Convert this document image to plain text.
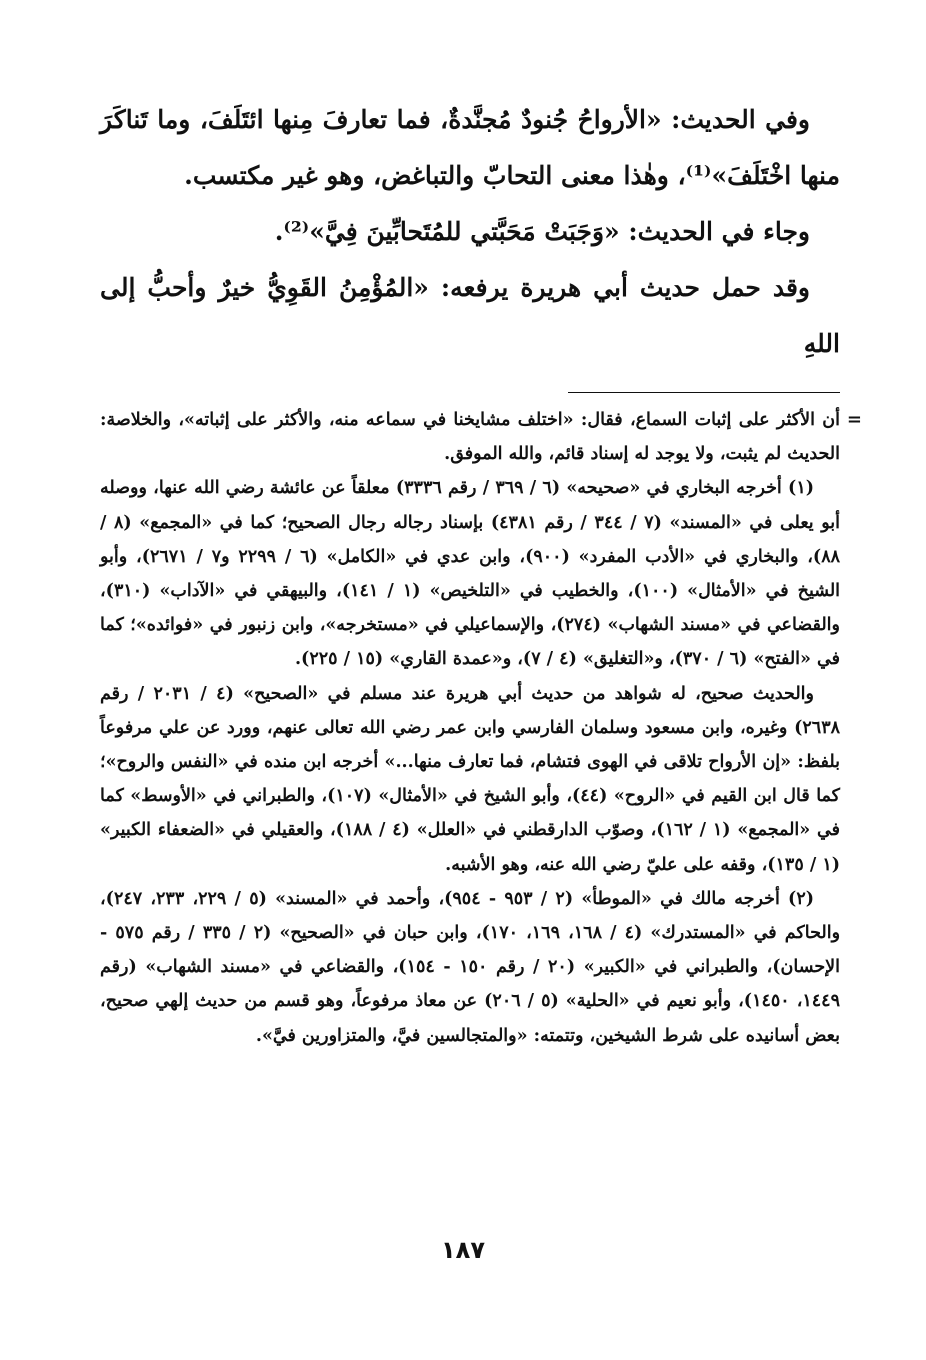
وفي الحديث: «الأرواحُ جُنودٌ مُجنَّدةٌ، فما تعارفَ مِنها ائتَلَفَ، وما تَناكَرَ منها اخْتَلَفَ»⁽¹⁾، وهٰذا معنى التحابّ والتباغض، وهو غير مكتسب.

وجاء في الحديث: «وَجَبَتْ مَحَبَّتي للمُتَحابِّينَ فِيَّ»⁽²⁾.

وقد حمل حديث أبي هريرة يرفعه: «المُؤْمِنُ القَوِيُّ خيرٌ وأحبُّ إلى اللهِ

=
أن الأكثر على إثبات السماع، فقال: «اختلف مشايخنا في سماعه منه، والأكثر على إثباته»، والخلاصة: الحديث لم يثبت، ولا يوجد له إسناد قائم، والله الموفق.

(١) أخرجه البخاري في «صحيحه» (٦ / ٣٦٩ / رقم ٣٣٣٦) معلقاً عن عائشة رضي الله عنها، ووصله أبو يعلى في «المسند» (٧ / ٣٤٤ / رقم ٤٣٨١) بإسناد رجاله رجال الصحيح؛ كما في «المجمع» (٨ / ٨٨)، والبخاري في «الأدب المفرد» (٩٠٠)، وابن عدي في «الكامل» (٦ / ٢٢٩٩ و٧ / ٢٦٧١)، وأبو الشيخ في «الأمثال» (١٠٠)، والخطيب في «التلخيص» (١ / ١٤١)، والبيهقي في «الآداب» (٣١٠)، والقضاعي في «مسند الشهاب» (٢٧٤)، والإسماعيلي في «مستخرجه»، وابن زنبور في «فوائده»؛ كما في «الفتح» (٦ / ٣٧٠)، و«التغليق» (٤ / ٧)، و«عمدة القاري» (١٥ / ٢٢٥).

والحديث صحيح، له شواهد من حديث أبي هريرة عند مسلم في «الصحيح» (٤ / ٢٠٣١ / رقم ٢٦٣٨) وغيره، وابن مسعود وسلمان الفارسي وابن عمر رضي الله تعالى عنهم، وورد عن علي مرفوعاً بلفظ: «إن الأرواح تلاقى في الهوى فتشام، فما تعارف منها...» أخرجه ابن منده في «النفس والروح»؛ كما قال ابن القيم في «الروح» (٤٤)، وأبو الشيخ في «الأمثال» (١٠٧)، والطبراني في «الأوسط» كما في «المجمع» (١ / ١٦٢)، وصوّب الدارقطني في «العلل» (٤ / ١٨٨)، والعقيلي في «الضعفاء الكبير» (١ / ١٣٥)، وقفه على عليّ رضي الله عنه، وهو الأشبه.

(٢) أخرجه مالك في «الموطأ» (٢ / ٩٥٣ - ٩٥٤)، وأحمد في «المسند» (٥ / ٢٢٩، ٢٣٣، ٢٤٧)، والحاكم في «المستدرك» (٤ / ١٦٨، ١٦٩، ١٧٠)، وابن حبان في «الصحيح» (٢ / ٣٣٥ / رقم ٥٧٥ - الإحسان)، والطبراني في «الكبير» (٢٠ / رقم ١٥٠ - ١٥٤)، والقضاعي في «مسند الشهاب» (رقم ١٤٤٩، ١٤٥٠)، وأبو نعيم في «الحلية» (٥ / ٢٠٦) عن معاذ مرفوعاً، وهو قسم من حديث إلهي صحيح، بعض أسانيده على شرط الشيخين، وتتمته: «والمتجالسين فيَّ، والمتزاورين فيَّ».

١٨٧
